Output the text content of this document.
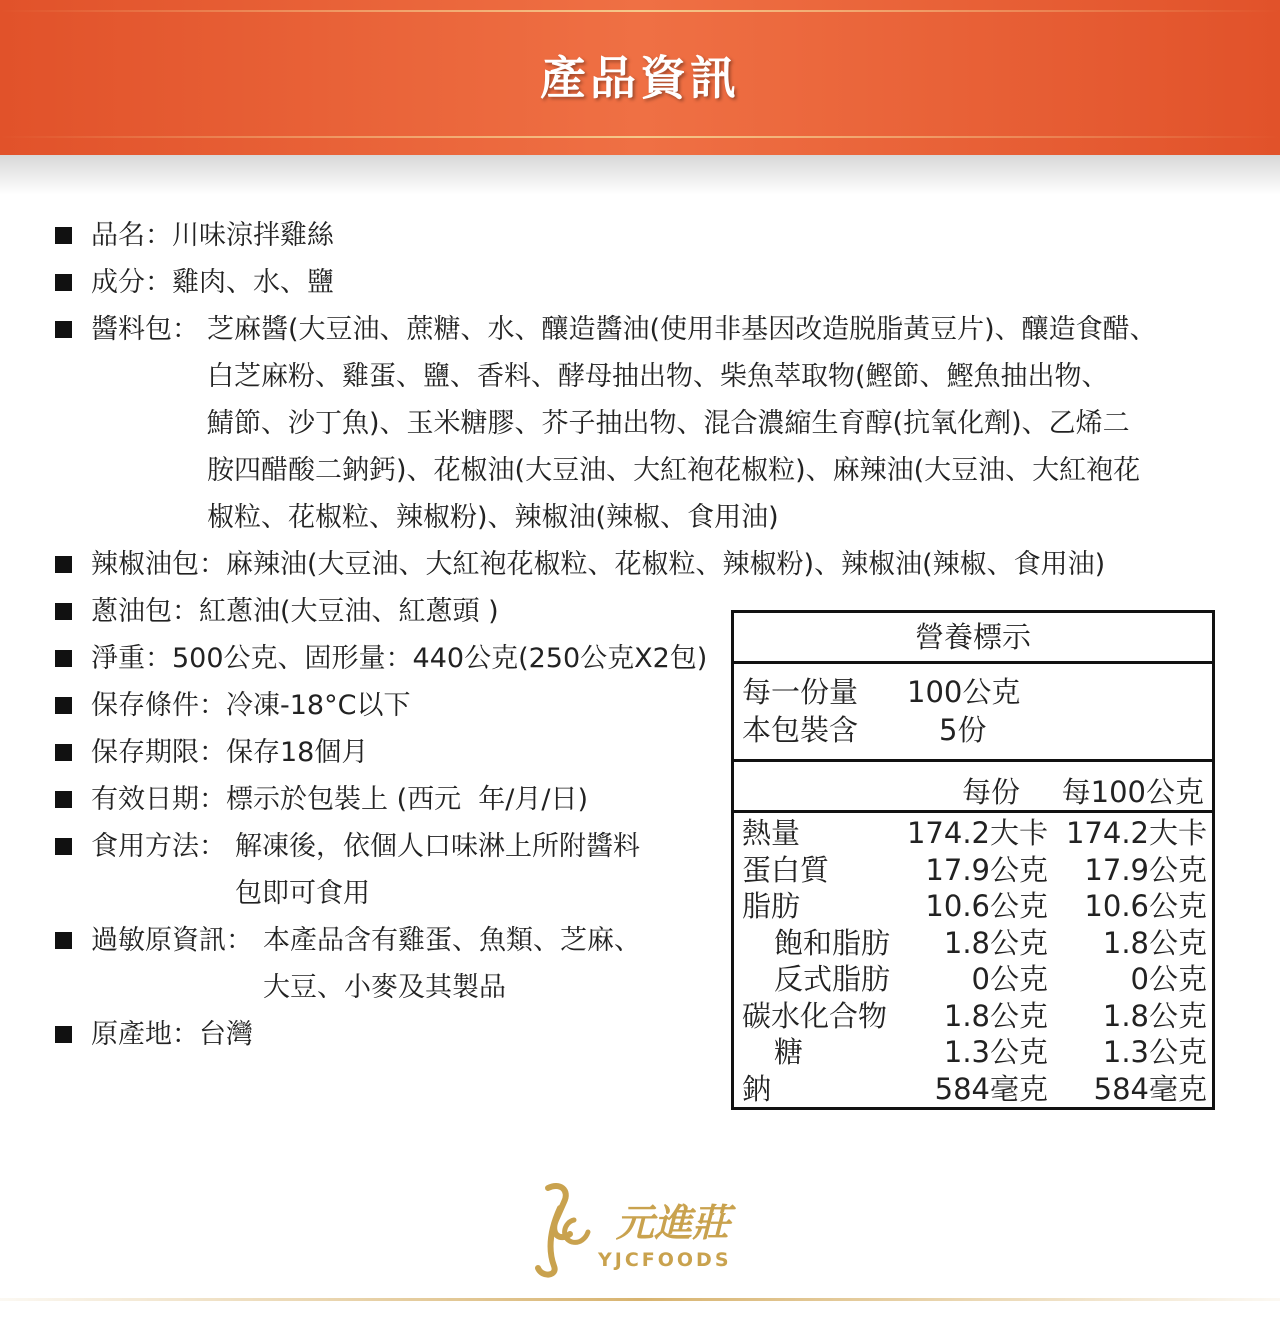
產品資訊
品名：川味涼拌雞絲
成分：雞肉、水、鹽
醬料包： 芝麻醬(大豆油、蔗糖、水、釀造醬油(使用非基因改造脱脂黃豆片)、釀造食醋、
白芝麻粉、雞蛋、鹽、香料、酵母抽出物、柴魚萃取物(鰹節、鰹魚抽出物、
鯖節、沙丁魚)、玉米糖膠、芥子抽出物、混合濃縮生育醇(抗氧化劑)、乙烯二
胺四醋酸二鈉鈣)、花椒油(大豆油、大紅袍花椒粒)、麻辣油(大豆油、大紅袍花
椒粒、花椒粒、辣椒粉)、辣椒油(辣椒、食用油)
辣椒油包：麻辣油(大豆油、大紅袍花椒粒、花椒粒、辣椒粉)、辣椒油(辣椒、食用油)
蔥油包：紅蔥油(大豆油、紅蔥頭 )
淨重：500公克、固形量：440公克(250公克X2包)
保存條件：冷凍-18°C以下
保存期限：保存18個月
有效日期：標示於包裝上 (西元  年/月/日)
食用方法： 解凍後，依個人口味淋上所附醬料
包即可食用
過敏原資訊： 本產品含有雞蛋、魚類、芝麻、
大豆、小麥及其製品
原產地：台灣
營養標示
每一份量 100公克
本包裝含	5份
每份 每100公克
熱量	174.2大卡 174.2大卡
蛋白質	17.9公克 17.9公克
脂肪	10.6公克 10.6公克
飽和脂肪 1.8公克 1.8公克
反式脂肪	0公克	0公克
碳水化合物 1.8公克 1.8公克
糖	1.3公克 1.3公克
鈉	584毫克 584毫克
元進莊
YJCFOODS
